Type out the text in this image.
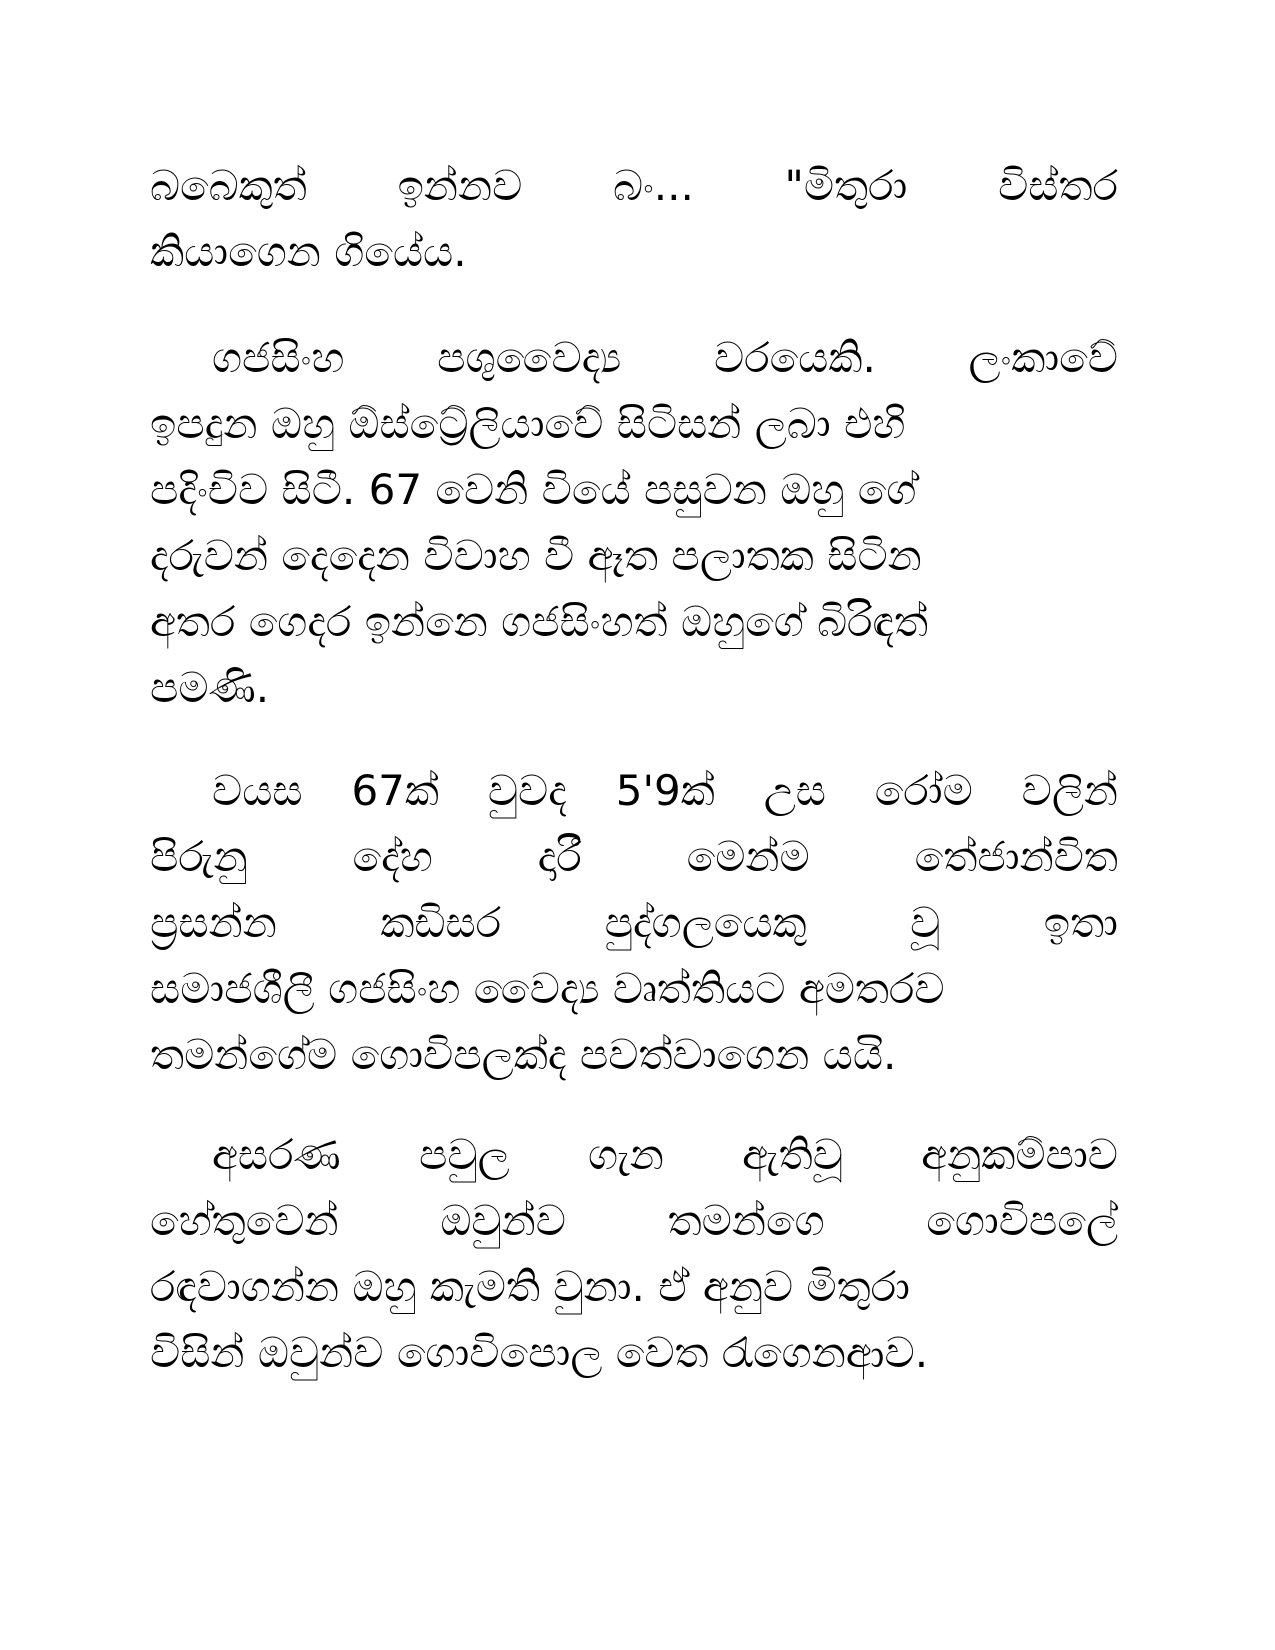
බබෙකුත් ඉන්නව බං... "මිතුරා විස්තර
කියාගෙන ගියේය.
ගජසිංහ පශුවෛද්‍ය වරයෙකි. ලංකාවේ
ඉපදුන ඔහු ඕස්ට්‍රේලියාවේ සිටිසන් ලබා එහි
පදිංචිව සිටී. 67 වෙනි වියේ පසුවන ඔහු ගේ
දරුවන් දෙදෙන විවාහ වී ඈත පලාතක සිටින
අතර ගෙදර ඉන්නෙ ගජසිංහත් ඔහුගේ බිරිඳත්
පමණි.
වයස 67ක් වුවද 5'9ක් උස රෝම වලින්
පිරුනු දේහ දාරී මෙන්ම තේජාන්විත
ප්‍රසන්න කඩිසර පුද්ගලයෙකු වූ ඉතා
සමාජශීලී ගජසිංහ වෛද්‍ය වෘත්තියට අමතරව
තමන්ගේම ගොවිපලක්ද පවත්වාගෙන යයි.
අසරණ පවුල ගැන ඇතිවූ අනුකම්පාව
හේතුවෙන් ඔවුන්ව තමන්ගෙ ගොවිපලේ
රඳවාගන්න ඔහු කැමති වුනා. ඒ අනුව මිතුරා
විසින් ඔවුන්ව ගොවිපොල වෙත රැගෙනආව.
